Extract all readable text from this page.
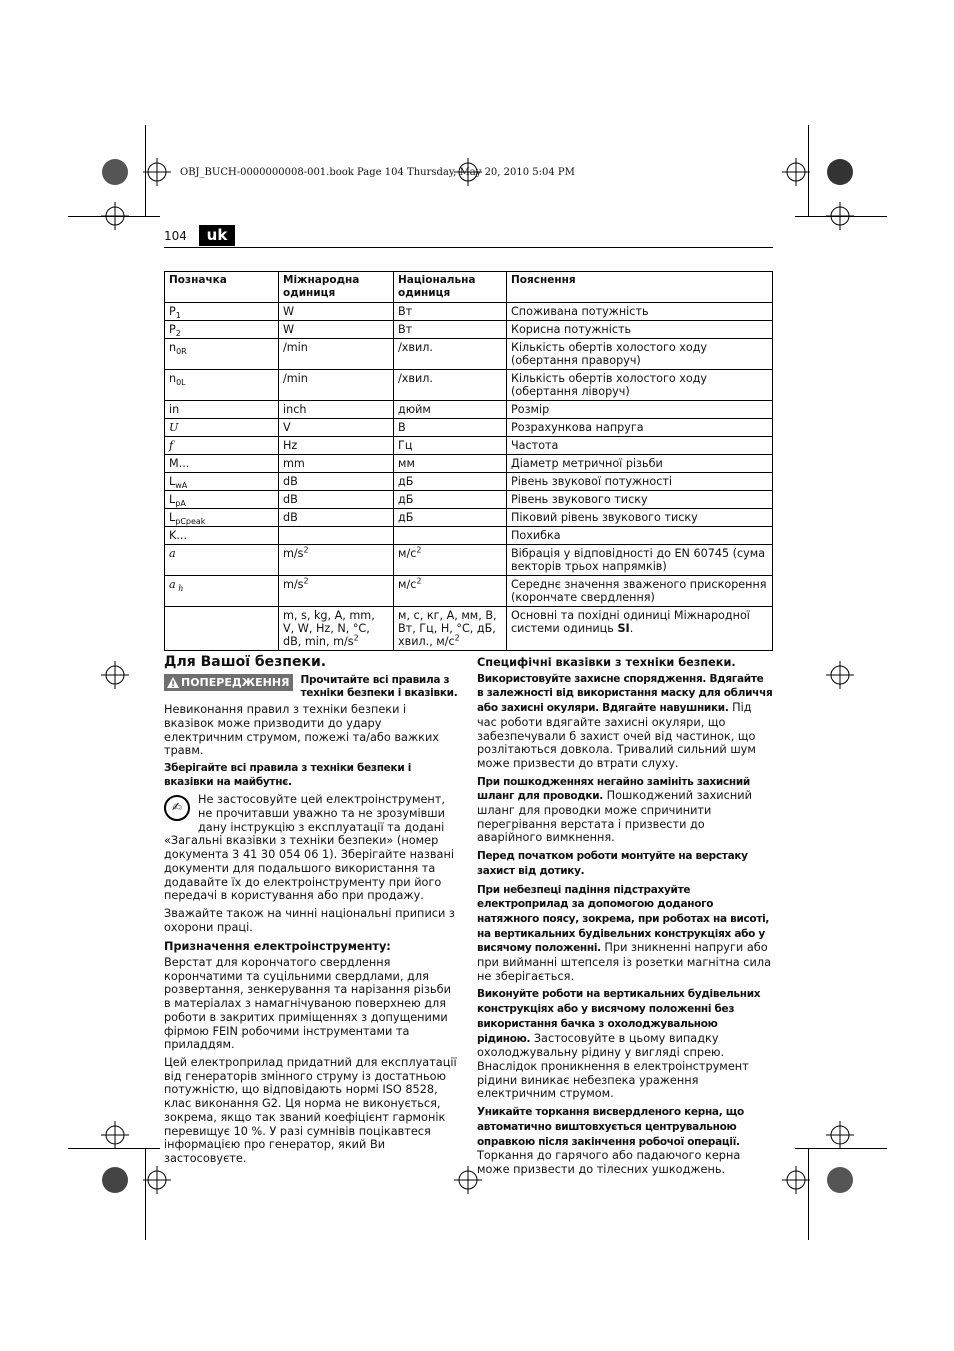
OBJ_BUCH-0000000008-001.book Page 104 Thursday, May 20, 2010 5:04 PM
104	uk
Позначка	Міжнародна одиниця	Національна одиниця	Пояснення
$P_1$	W	Вт	Споживана потужність
$P_2$	W	Вт	Корисна потужність
$n_{0R}$	/min	/хвил.	Кількість обертів холостого ходу (обертання праворуч)
$n_{0L}$	/min	/хвил.	Кількість обертів холостого ходу (обертання ліворуч)
in	inch	дюйм	Розмір
U	V	В	Розрахункова напруга
f	Hz	Гц	Частота
M...	mm	мм	Діаметр метричної різьби
$L_{wA}$	dB	дБ	Рівень звукової потужності
$L_{pA}$	dB	дБ	Рівень звукового тиску
$L_{pCpeak}$	dB	дБ	Піковий рівень звукового тиску
K...			Похибка
a	$m/s^2$	$м/с^2$	Вібрація у відповідності до EN 60745 (сума векторів трьох напрямків)
a $_h$	$m/s^2$	$м/с^2$	Середнє значення зваженого прискорення (корончате свердлення)
	m, s, kg, A, mm, V, W, Hz, N, °C, dB, min, $m/s^2$	м, с, кг, А, мм, В, Вт, Гц, Н, °C, дБ, хвил., $м/с^2$	Основні та похідні одиниці Міжнародної системи одиниць SI.
Для Вашої безпеки.
! ПОПЕРЕДЖЕННЯ Прочитайте всі правила з техніки безпеки і вказівки.

Невиконання правил з техніки безпеки і вказівок може призводити до удару електричним струмом, пожежі та/або важких травм.

Зберігайте всі правила з техніки безпеки і вказівки на майбутнє.

✍
Не застосовуйте цей електроінструмент, не прочитавши уважно та не зрозумівши дану інструкцію з експлуатації та додані «Загальні вказівки з техніки безпеки» (номер документа 3 41 30 054 06 1). Зберігайте названі документи для подальшого використання та додавайте їх до електроінструменту при його передачі в користування або при продажу.

Зважайте також на чинні національні приписи з охорони праці.

Призначення електроінструменту:

Верстат для корончатого свердлення корончатими та суцільними свердлами, для розвертання, зенкерування та нарізання різьби в матеріалах з намагнічуваною поверхнею для роботи в закритих приміщеннях з допущеними фірмою FEIN робочими інструментами та приладдям.

Цей електроприлад придатний для експлуатації від генераторів змінного струму із достатньою потужністю, що відповідають нормі ISO 8528, клас виконання G2. Ця норма не виконується, зокрема, якщо так званий коефіцієнт гармонік перевищує 10 %. У разі сумнівів поцікавтеся інформацією про генератор, який Ви застосовуєте.

Специфічні вказівки з техніки безпеки.

Використовуйте захисне спорядження. Вдягайте в залежності від використання маску для обличчя або захисні окуляри. Вдягайте навушники. Під час роботи вдягайте захисні окуляри, що забезпечували б захист очей від частинок, що розлітаються довкола. Тривалий сильний шум може призвести до втрати слуху.

При пошкодженнях негайно замініть захисний шланг для проводки. Пошкоджений захисний шланг для проводки може спричинити перегрівання верстата і призвести до аварійного вимкнення.

Перед початком роботи монтуйте на верстаку захист від дотику.

При небезпеці падіння підстрахуйте електроприлад за допомогою доданого натяжного поясу, зокрема, при роботах на висоті, на вертикальних будівельних конструкціях або у висячому положенні. При зникненні напруги або при вийманні штепселя із розетки магнітна сила не зберігається.

Виконуйте роботи на вертикальних будівельних конструкціях або у висячому положенні без використання бачка з охолоджувальною рідиною. Застосовуйте в цьому випадку охолоджувальну рідину у вигляді спрею. Внаслідок проникнення в електроінструмент рідини виникає небезпека ураження електричним струмом.

Уникайте торкання висвердленого керна, що автоматично виштовхується центрувальною оправкою після закінчення робочої операції. Торкання до гарячого або падаючого керна може призвести до тілесних ушкоджень.
